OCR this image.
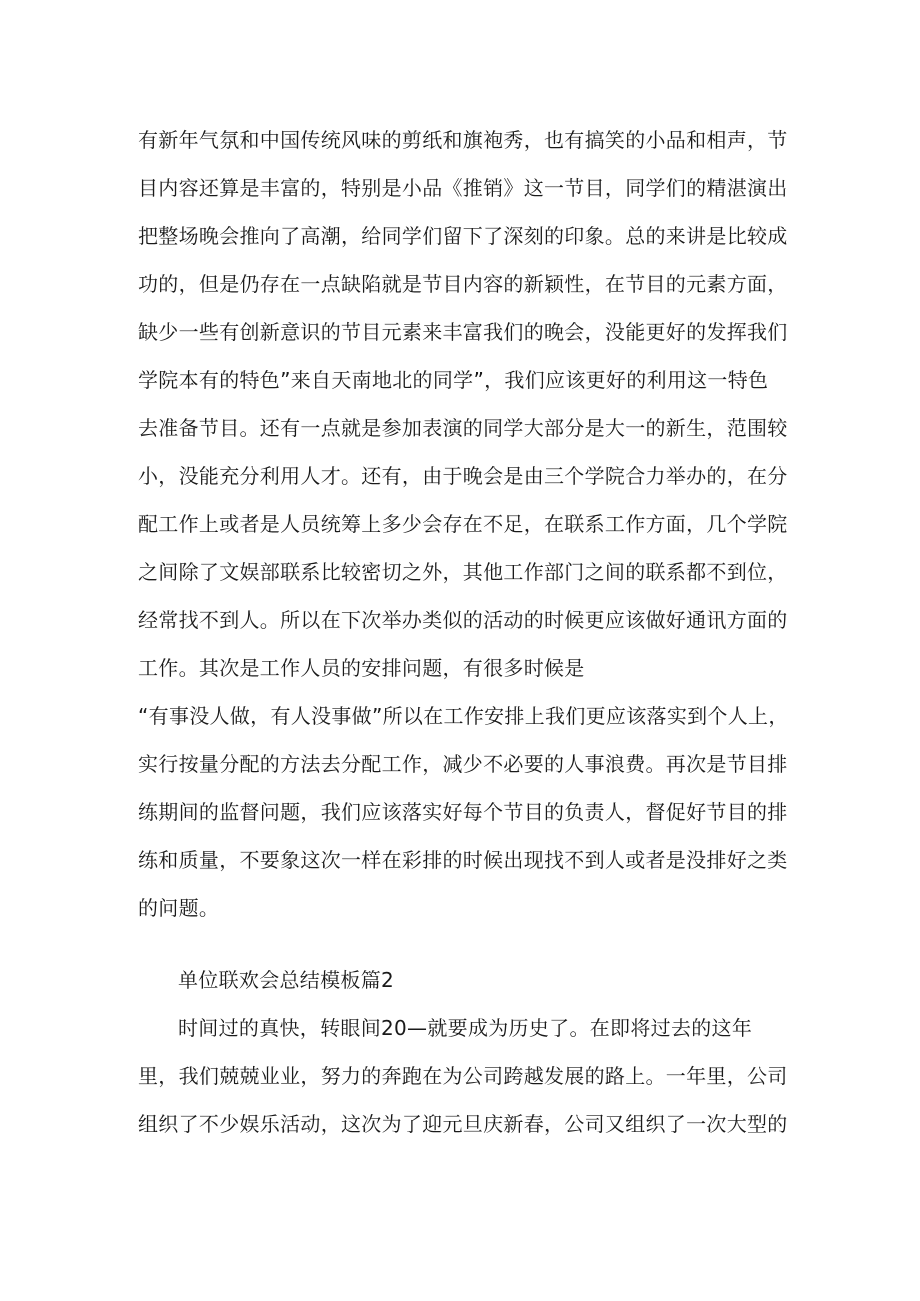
有新年气氛和中国传统风味的剪纸和旗袍秀，也有搞笑的小品和相声，节

目内容还算是丰富的，特别是小品《推销》这一节目，同学们的精湛演出

把整场晚会推向了高潮，给同学们留下了深刻的印象。总的来讲是比较成

功的，但是仍存在一点缺陷就是节目内容的新颖性，在节目的元素方面，

缺少一些有创新意识的节目元素来丰富我们的晚会，没能更好的发挥我们

学院本有的特色”来自天南地北的同学”，我们应该更好的利用这一特色

去准备节目。还有一点就是参加表演的同学大部分是大一的新生，范围较

小，没能充分利用人才。还有，由于晚会是由三个学院合力举办的，在分

配工作上或者是人员统筹上多少会存在不足，在联系工作方面，几个学院

之间除了文娱部联系比较密切之外，其他工作部门之间的联系都不到位，

经常找不到人。所以在下次举办类似的活动的时候更应该做好通讯方面的

工作。其次是工作人员的安排问题，有很多时候是

“有事没人做，有人没事做”所以在工作安排上我们更应该落实到个人上，

实行按量分配的方法去分配工作，减少不必要的人事浪费。再次是节目排

练期间的监督问题，我们应该落实好每个节目的负责人，督促好节目的排

练和质量，不要象这次一样在彩排的时候出现找不到人或者是没排好之类

的问题。

单位联欢会总结模板篇2

时间过的真快，转眼间20—就要成为历史了。在即将过去的这年

里，我们兢兢业业，努力的奔跑在为公司跨越发展的路上。一年里，公司

组织了不少娱乐活动，这次为了迎元旦庆新春，公司又组织了一次大型的
